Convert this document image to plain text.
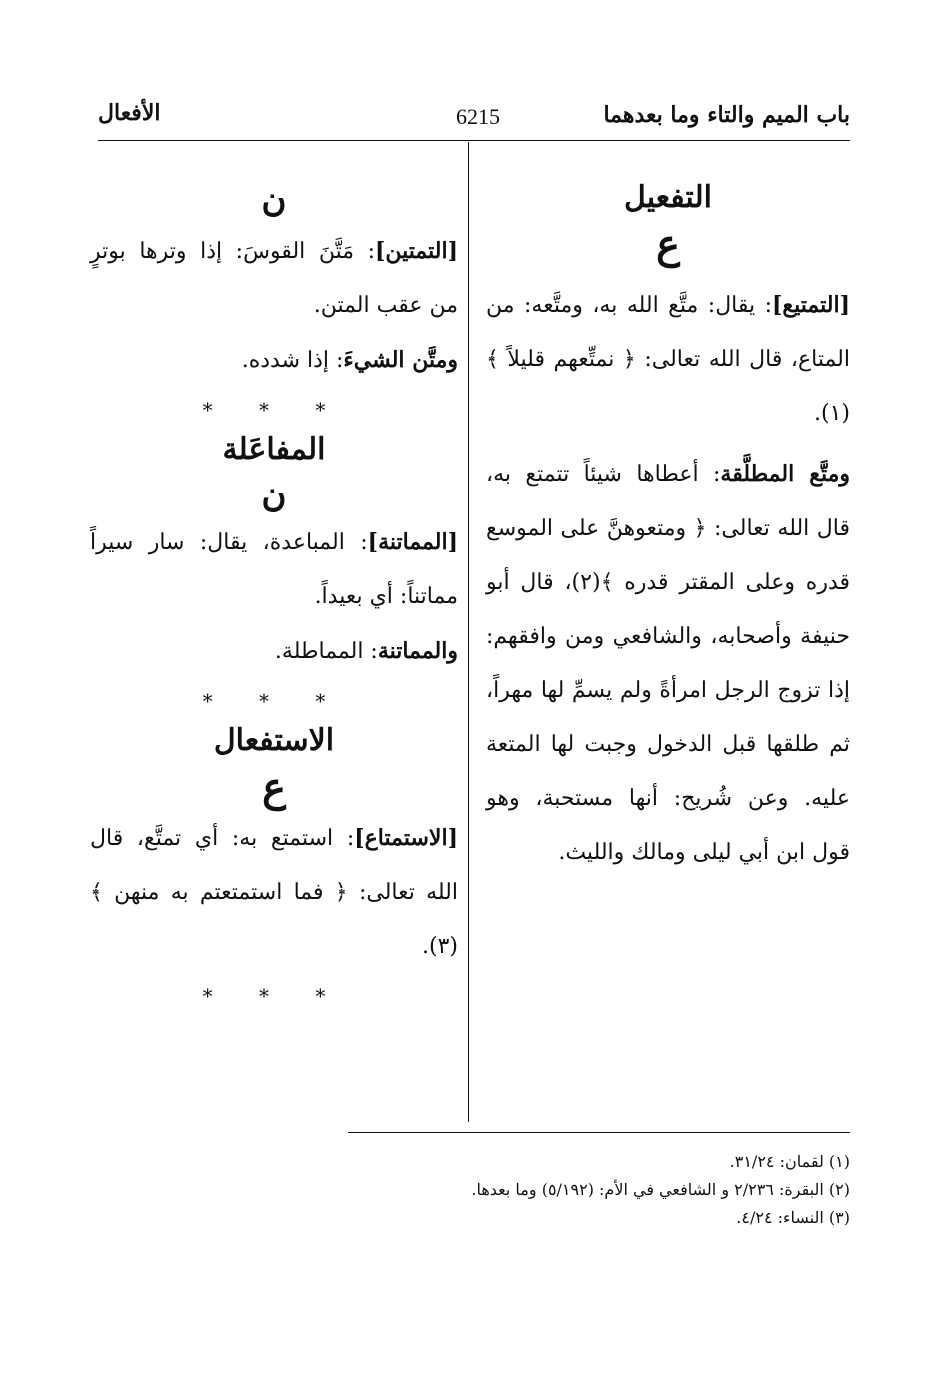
باب الميم والتاء وما بعدهما
6215
الأفعال
التفعيل
ع

[التمتيع]: يقال: متَّع الله به، ومتَّعه: من المتاع، قال الله تعالى: ﴿ نمتِّعهم قليلاً ﴾(١).

ومتَّع المطلَّقة: أعطاها شيئاً تتمتع به، قال الله تعالى: ﴿ ومتعوهنَّ على الموسع قدره وعلى المقتر قدره ﴾(٢)، قال أبو حنيفة وأصحابه، والشافعي ومن وافقهم: إذا تزوج الرجل امرأةً ولم يسمِّ لها مهراً، ثم طلقها قبل الدخول وجبت لها المتعة عليه. وعن شُريح: أنها مستحبة، وهو قول ابن أبي ليلى ومالك والليث.

ن

[التمتين]: مَتَّنَ القوسَ: إذا وترها بوترٍ من عقب المتن.

ومتَّن الشيءَ: إذا شدده.

* * *
المفاعَلة
ن

[المماتنة]: المباعدة، يقال: سار سيراً مماتناً: أي بعيداً.

والمماتنة: المماطلة.

* * *
الاستفعال
ع

[الاستمتاع]: استمتع به: أي تمتَّع، قال الله تعالى: ﴿ فما استمتعتم به منهن ﴾(٣).

* * *
(١) لقمان: ٣١/٢٤.
(٢) البقرة: ٢/٢٣٦ و الشافعي في الأم: (٥/١٩٢) وما بعدها.
(٣) النساء: ٤/٢٤.
